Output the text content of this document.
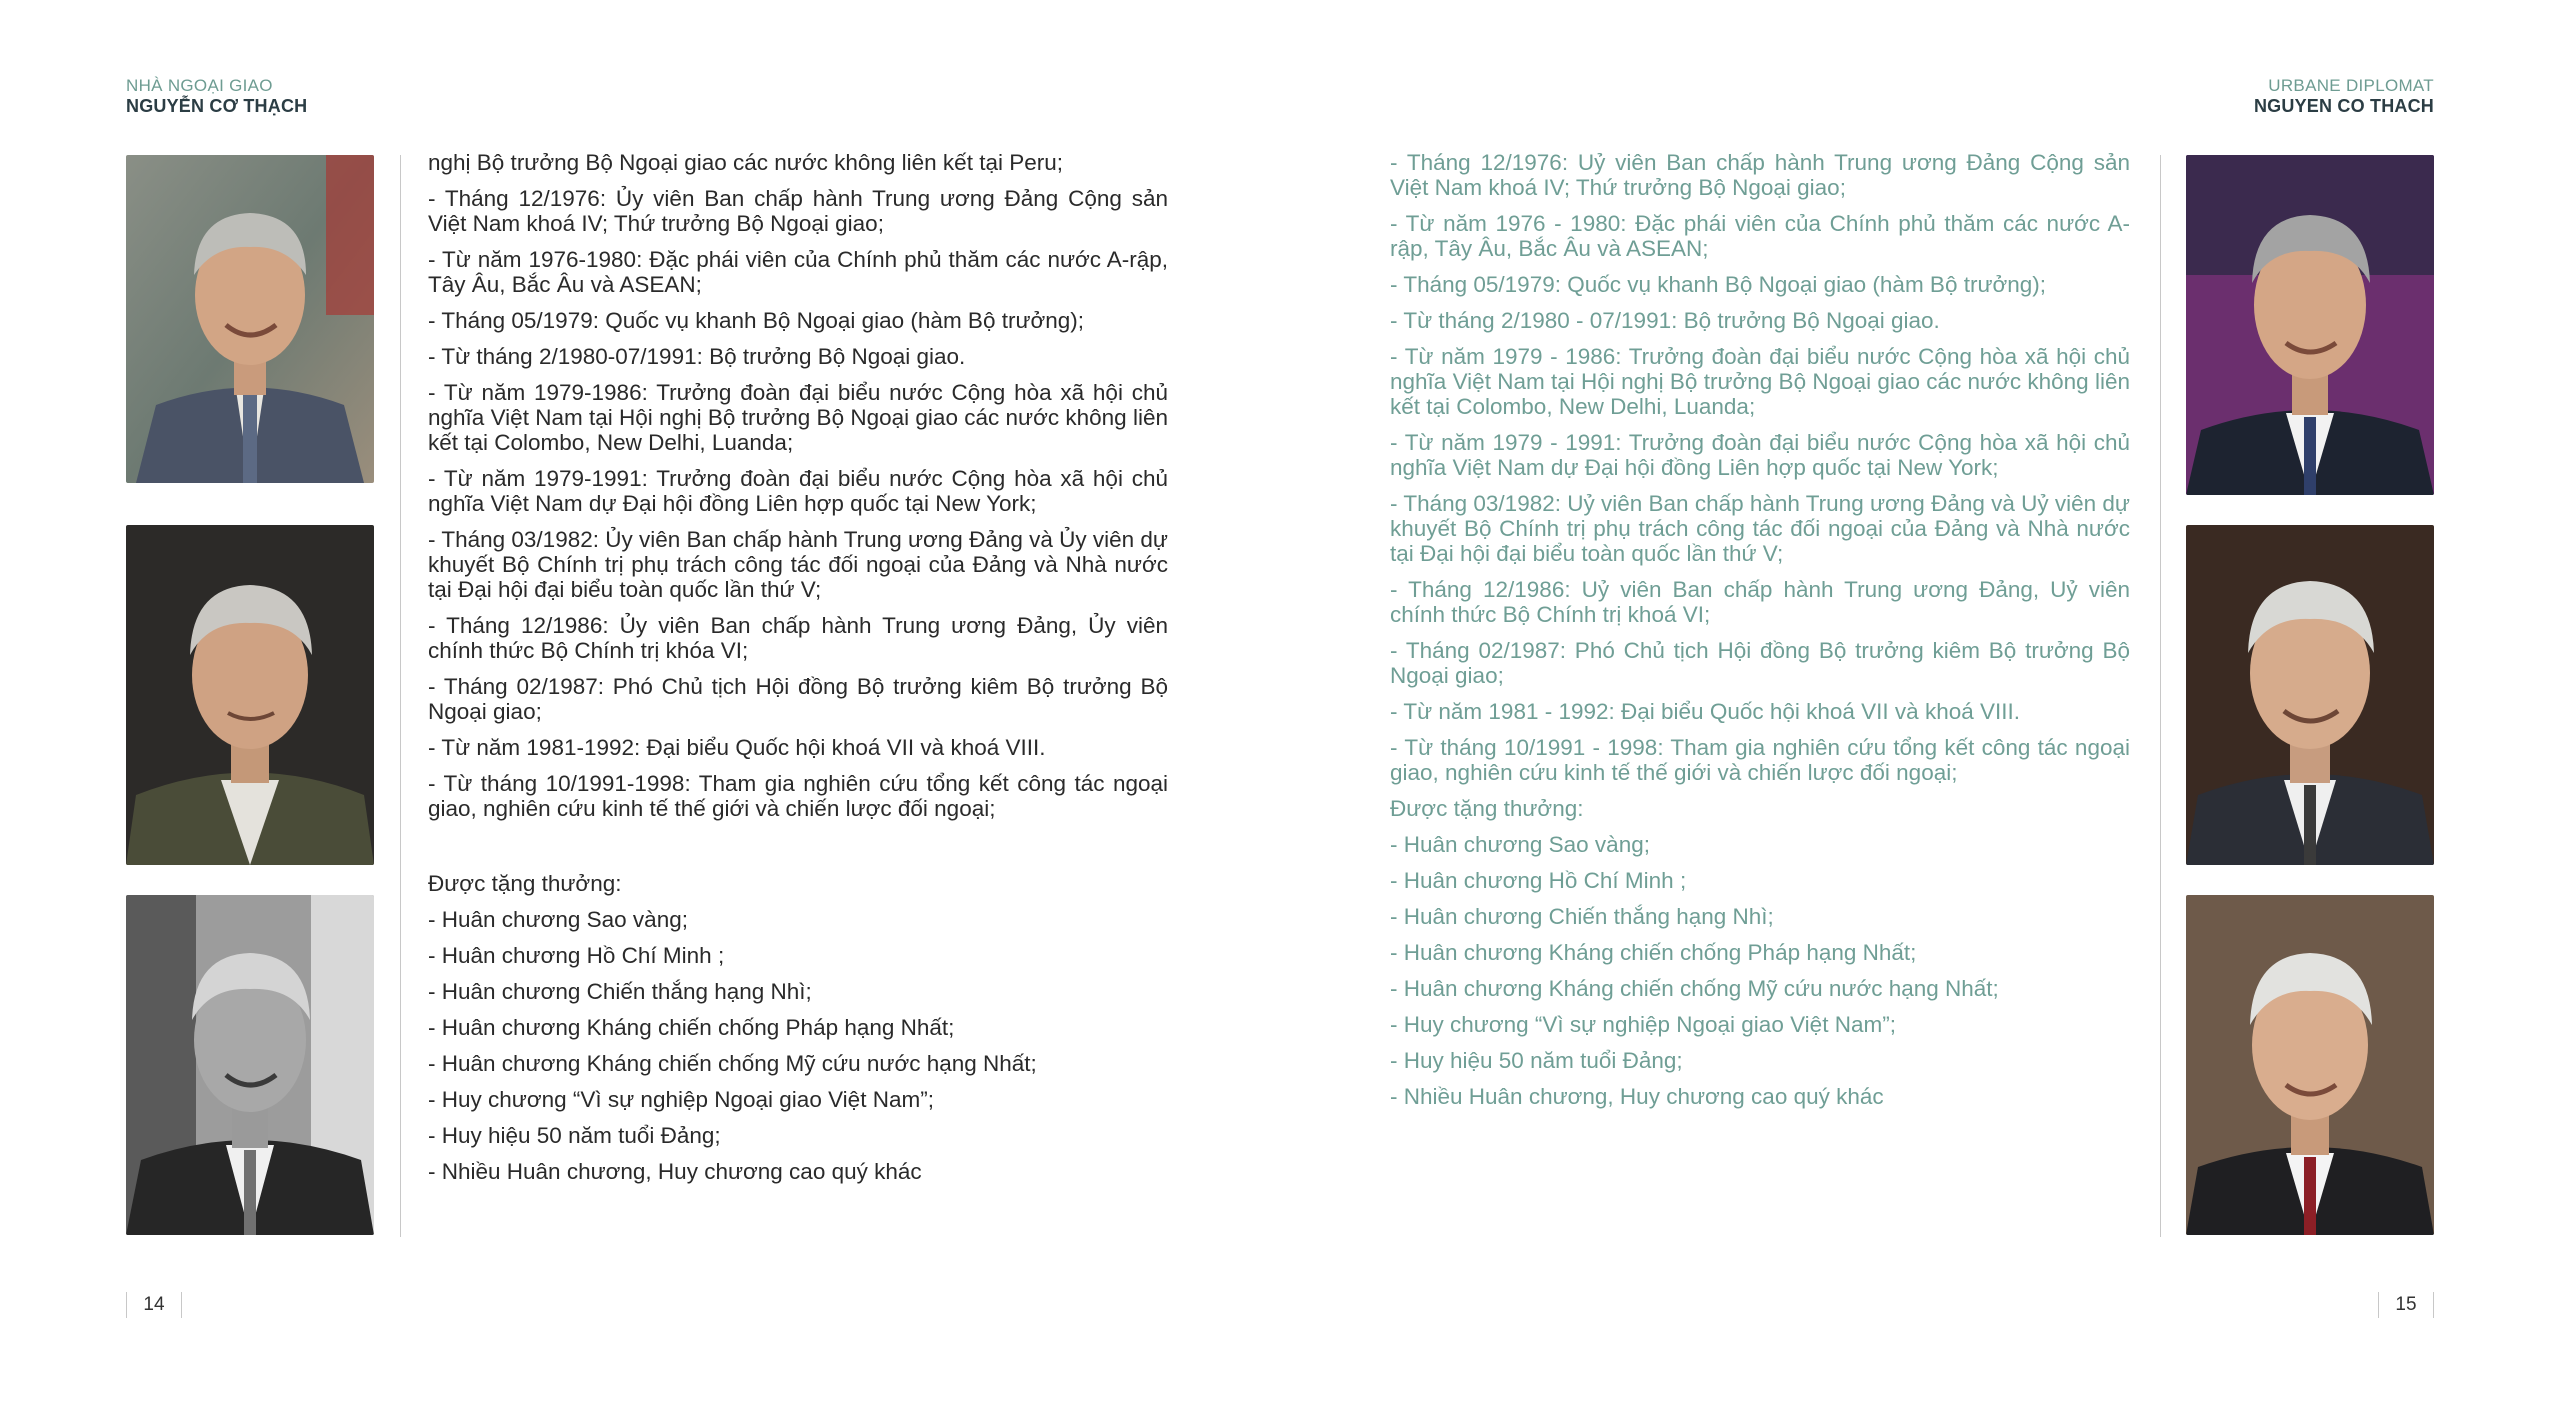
NHÀ NGOẠI GIAO
NGUYỄN CƠ THẠCH
URBANE DIPLOMAT
NGUYEN CO THACH

nghị Bộ trưởng Bộ Ngoại giao các nước không liên kết tại Peru;

- Tháng 12/1976: Ủy viên Ban chấp hành Trung ương Đảng Cộng sản Việt Nam khoá IV; Thứ trưởng Bộ Ngoại giao;

- Từ năm 1976-1980: Đặc phái viên của Chính phủ thăm các nước A-rập, Tây Âu, Bắc Âu và ASEAN;

- Tháng 05/1979: Quốc vụ khanh Bộ Ngoại giao (hàm Bộ trưởng);

- Từ tháng 2/1980-07/1991: Bộ trưởng Bộ Ngoại giao.

- Từ năm 1979-1986: Trưởng đoàn đại biểu nước Cộng hòa xã hội chủ nghĩa Việt Nam tại Hội nghị Bộ trưởng Bộ Ngoại giao các nước không liên kết tại Colombo, New Delhi, Luanda;

- Từ năm 1979-1991: Trưởng đoàn đại biểu nước Cộng hòa xã hội chủ nghĩa Việt Nam dự Đại hội đồng Liên hợp quốc tại New York;

- Tháng 03/1982: Ủy viên Ban chấp hành Trung ương Đảng và Ủy viên dự khuyết Bộ Chính trị phụ trách công tác đối ngoại của Đảng và Nhà nước tại Đại hội đại biểu toàn quốc lần thứ V;

- Tháng 12/1986: Ủy viên Ban chấp hành Trung ương Đảng, Ủy viên chính thức Bộ Chính trị khóa VI;

- Tháng 02/1987: Phó Chủ tịch Hội đồng Bộ trưởng kiêm Bộ trưởng Bộ Ngoại giao;

- Từ năm 1981-1992: Đại biểu Quốc hội khoá VII và khoá VIII.

- Từ tháng 10/1991-1998: Tham gia nghiên cứu tổng kết công tác ngoại giao, nghiên cứu kinh tế thế giới và chiến lược đối ngoại;

Được tặng thưởng:

- Huân chương Sao vàng;

- Huân chương Hồ Chí Minh ;

- Huân chương Chiến thắng hạng Nhì;

- Huân chương Kháng chiến chống Pháp hạng Nhất;

- Huân chương Kháng chiến chống Mỹ cứu nước hạng Nhất;

- Huy chương “Vì sự nghiệp Ngoại giao Việt Nam”;

- Huy hiệu 50 năm tuổi Đảng;

- Nhiều Huân chương, Huy chương cao quý khác

- Tháng 12/1976: Uỷ viên Ban chấp hành Trung ương Đảng Cộng sản Việt Nam khoá IV; Thứ trưởng Bộ Ngoại giao;

- Từ năm 1976 - 1980: Đặc phái viên của Chính phủ thăm các nước A-rập, Tây Âu, Bắc Âu và ASEAN;

- Tháng 05/1979: Quốc vụ khanh Bộ Ngoại giao (hàm Bộ trưởng);

- Từ tháng 2/1980 - 07/1991: Bộ trưởng Bộ Ngoại giao.

- Từ năm 1979 - 1986: Trưởng đoàn đại biểu nước Cộng hòa xã hội chủ nghĩa Việt Nam tại Hội nghị Bộ trưởng Bộ Ngoại giao các nước không liên kết tại Colombo, New Delhi, Luanda;

- Từ năm 1979 - 1991: Trưởng đoàn đại biểu nước Cộng hòa xã hội chủ nghĩa Việt Nam dự Đại hội đồng Liên hợp quốc tại New York;

- Tháng 03/1982: Uỷ viên Ban chấp hành Trung ương Đảng và Uỷ viên dự khuyết Bộ Chính trị phụ trách công tác đối ngoại của Đảng và Nhà nước tại Đại hội đại biểu toàn quốc lần thứ V;

- Tháng 12/1986: Uỷ viên Ban chấp hành Trung ương Đảng, Uỷ viên chính thức Bộ Chính trị khoá VI;

- Tháng 02/1987: Phó Chủ tịch Hội đồng Bộ trưởng kiêm Bộ trưởng Bộ Ngoại giao;

- Từ năm 1981 - 1992: Đại biểu Quốc hội khoá VII và khoá VIII.

- Từ tháng 10/1991 - 1998: Tham gia nghiên cứu tổng kết công tác ngoại giao, nghiên cứu kinh tế thế giới và chiến lược đối ngoại;

Được tặng thưởng:

- Huân chương Sao vàng;

- Huân chương Hồ Chí Minh ;

- Huân chương Chiến thắng hạng Nhì;

- Huân chương Kháng chiến chống Pháp hạng Nhất;

- Huân chương Kháng chiến chống Mỹ cứu nước hạng Nhất;

- Huy chương “Vì sự nghiệp Ngoại giao Việt Nam”;

- Huy hiệu 50 năm tuổi Đảng;

- Nhiều Huân chương, Huy chương cao quý khác

14	15
